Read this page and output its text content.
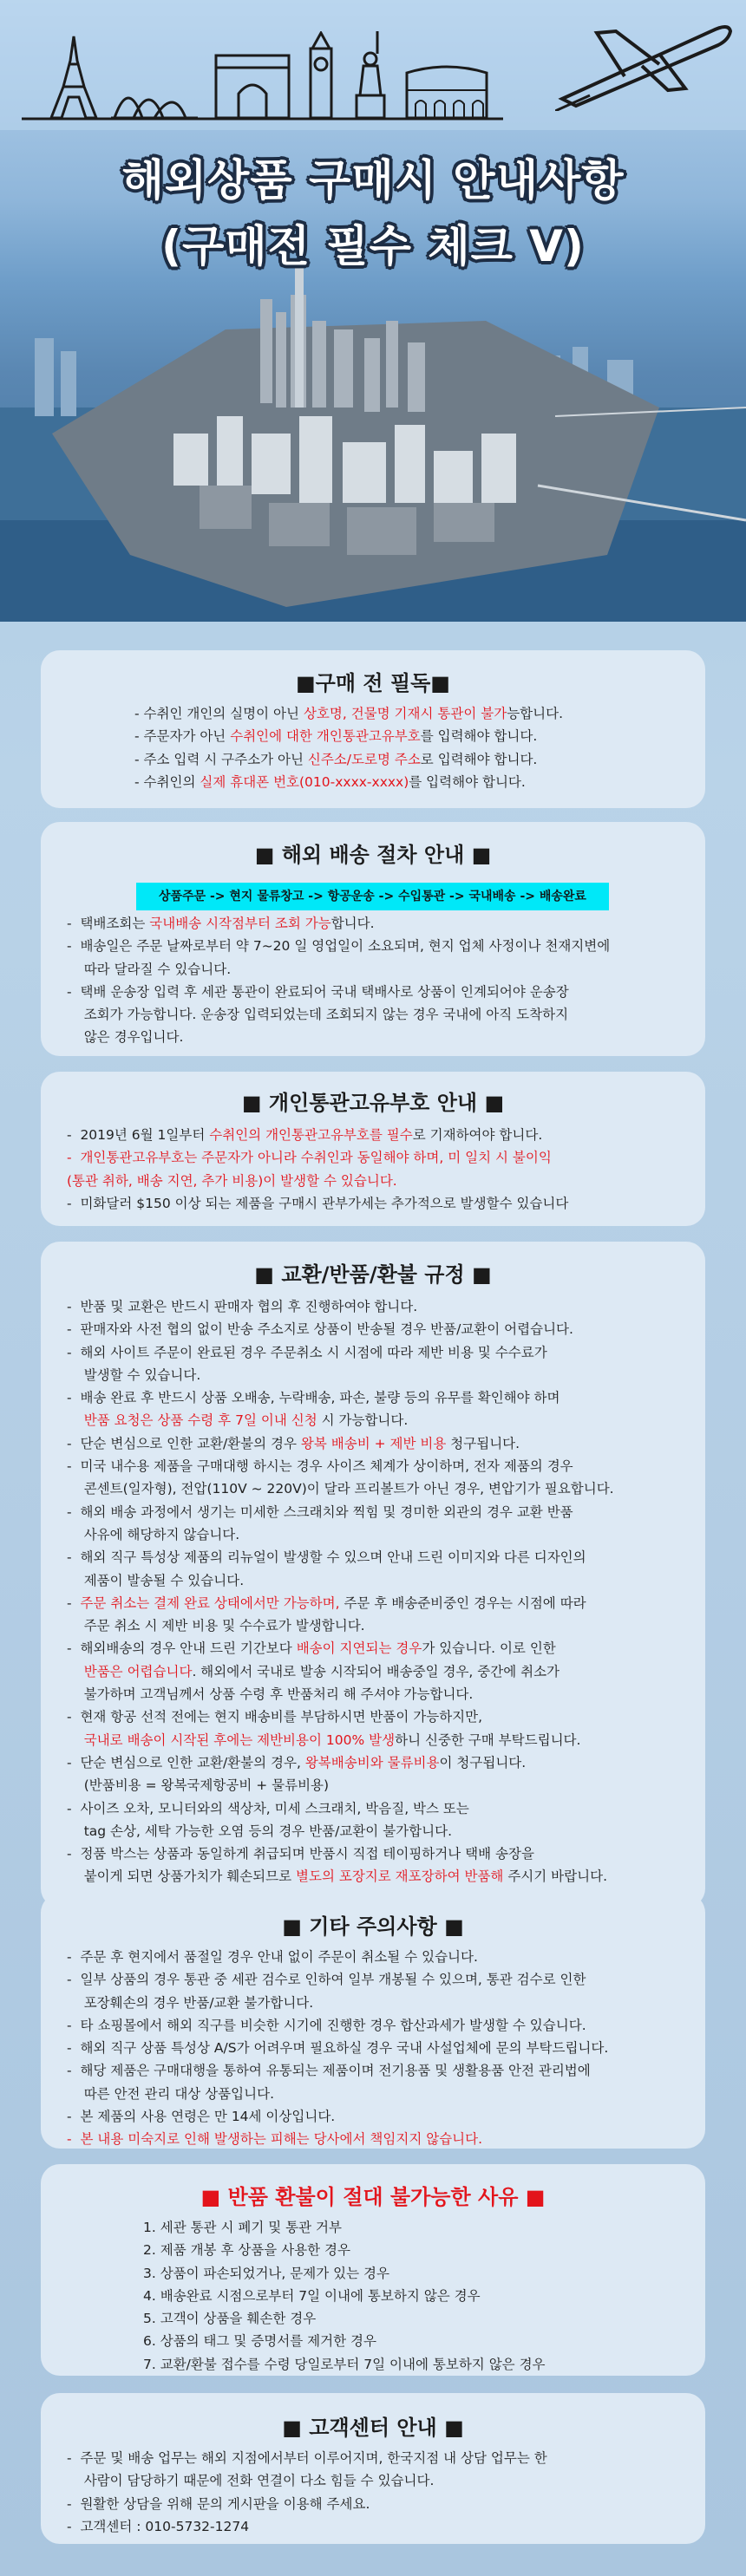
해외상품 구매시 안내사항
(구매전 필수 체크 V)
■구매 전 필독■
- 수취인 개인의 실명이 아닌 상호명, 건물명 기재시 통관이 불가능합니다.
- 주문자가 아닌 수취인에 대한 개인통관고유부호를 입력해야 합니다.
- 주소 입력 시 구주소가 아닌 신주소/도로명 주소로 입력해야 합니다.
- 수취인의 실제 휴대폰 번호(010-xxxx-xxxx)를 입력해야 합니다.
■ 해외 배송 절차 안내 ■
상품주문 -> 현지 물류창고 -> 항공운송 -> 수입통관 -> 국내배송 -> 배송완료
-  택배조회는 국내배송 시작점부터 조회 가능합니다.
-  배송일은 주문 날짜로부터 약 7~20 일 영업일이 소요되며, 현지 업체 사정이나 천재지변에
따라 달라질 수 있습니다.
-  택배 운송장 입력 후 세관 통관이 완료되어 국내 택배사로 상품이 인계되어야 운송장
조회가 가능합니다. 운송장 입력되었는데 조회되지 않는 경우 국내에 아직 도착하지
않은 경우입니다.
■ 개인통관고유부호 안내 ■
-  2019년 6월 1일부터 수취인의 개인통관고유부호를 필수로 기재하여야 합니다.
-  개인통관고유부호는 주문자가 아니라 수취인과 동일해야 하며, 미 일치 시 불이익
(통관 취하, 배송 지연, 추가 비용)이 발생할 수 있습니다.
-  미화달러 $150 이상 되는 제품을 구매시 관부가세는 추가적으로 발생할수 있습니다
■ 교환/반품/환불 규정 ■
-  반품 및 교환은 반드시 판매자 협의 후 진행하여야 합니다.
-  판매자와 사전 협의 없이 반송 주소지로 상품이 반송될 경우 반품/교환이 어렵습니다.
-  해외 사이트 주문이 완료된 경우 주문취소 시 시점에 따라 제반 비용 및 수수료가
발생할 수 있습니다.
-  배송 완료 후 반드시 상품 오배송, 누락배송, 파손, 불량 등의 유무를 확인해야 하며
반품 요청은 상품 수령 후 7일 이내 신청 시 가능합니다.
-  단순 변심으로 인한 교환/환불의 경우 왕복 배송비 + 제반 비용 청구됩니다.
-  미국 내수용 제품을 구매대행 하시는 경우 사이즈 체계가 상이하며, 전자 제품의 경우
콘센트(일자형), 전압(110V ~ 220V)이 달라 프리볼트가 아닌 경우, 변압기가 필요합니다.
-  해외 배송 과정에서 생기는 미세한 스크래치와 찍힘 및 경미한 외관의 경우 교환 반품
사유에 해당하지 않습니다.
-  해외 직구 특성상 제품의 리뉴얼이 발생할 수 있으며 안내 드린 이미지와 다른 디자인의
제품이 발송될 수 있습니다.
-  주문 취소는 결제 완료 상태에서만 가능하며, 주문 후 배송준비중인 경우는 시점에 따라
주문 취소 시 제반 비용 및 수수료가 발생합니다.
-  해외배송의 경우 안내 드린 기간보다 배송이 지연되는 경우가 있습니다. 이로 인한
반품은 어렵습니다. 해외에서 국내로 발송 시작되어 배송중일 경우, 중간에 취소가
불가하며 고객님께서 상품 수령 후 반품처리 해 주셔야 가능합니다.
-  현재 항공 선적 전에는 현지 배송비를 부담하시면 반품이 가능하지만,
국내로 배송이 시작된 후에는 제반비용이 100% 발생하니 신중한 구매 부탁드립니다.
-  단순 변심으로 인한 교환/환불의 경우, 왕복배송비와 물류비용이 청구됩니다.
(반품비용 = 왕복국제항공비 + 물류비용)
-  사이즈 오차, 모니터와의 색상차, 미세 스크래치, 박음질, 박스 또는
tag 손상, 세탁 가능한 오염 등의 경우 반품/교환이 불가합니다.
-  정품 박스는 상품과 동일하게 취급되며 반품시 직접 테이핑하거나 택배 송장을
붙이게 되면 상품가치가 훼손되므로 별도의 포장지로 재포장하여 반품해 주시기 바랍니다.
■ 기타 주의사항 ■
-  주문 후 현지에서 품절일 경우 안내 없이 주문이 취소될 수 있습니다.
-  일부 상품의 경우 통관 중 세관 검수로 인하여 일부 개봉될 수 있으며, 통관 검수로 인한
포장훼손의 경우 반품/교환 불가합니다.
-  타 쇼핑몰에서 해외 직구를 비슷한 시기에 진행한 경우 합산과세가 발생할 수 있습니다.
-  해외 직구 상품 특성상 A/S가 어려우며 필요하실 경우 국내 사설업체에 문의 부탁드립니다.
-  해당 제품은 구매대행을 통하여 유통되는 제품이며 전기용품 및 생활용품 안전 관리법에
따른 안전 관리 대상 상품입니다.
-  본 제품의 사용 연령은 만 14세 이상입니다.
-  본 내용 미숙지로 인해 발생하는 피해는 당사에서 책임지지 않습니다.
■ 반품 환불이 절대 불가능한 사유 ■
1. 세관 통관 시 폐기 및 통관 거부
2. 제품 개봉 후 상품을 사용한 경우
3. 상품이 파손되었거나, 문제가 있는 경우
4. 배송완료 시점으로부터 7일 이내에 통보하지 않은 경우
5. 고객이 상품을 훼손한 경우
6. 상품의 태그 및 증명서를 제거한 경우
7. 교환/환불 접수를 수령 당일로부터 7일 이내에 통보하지 않은 경우
■ 고객센터 안내 ■
-  주문 및 배송 업무는 해외 지점에서부터 이루어지며, 한국지점 내 상담 업무는 한
사람이 담당하기 때문에 전화 연결이 다소 힘들 수 있습니다.
-  원활한 상담을 위해 문의 게시판을 이용해 주세요.
-  고객센터 : 010-5732-1274
